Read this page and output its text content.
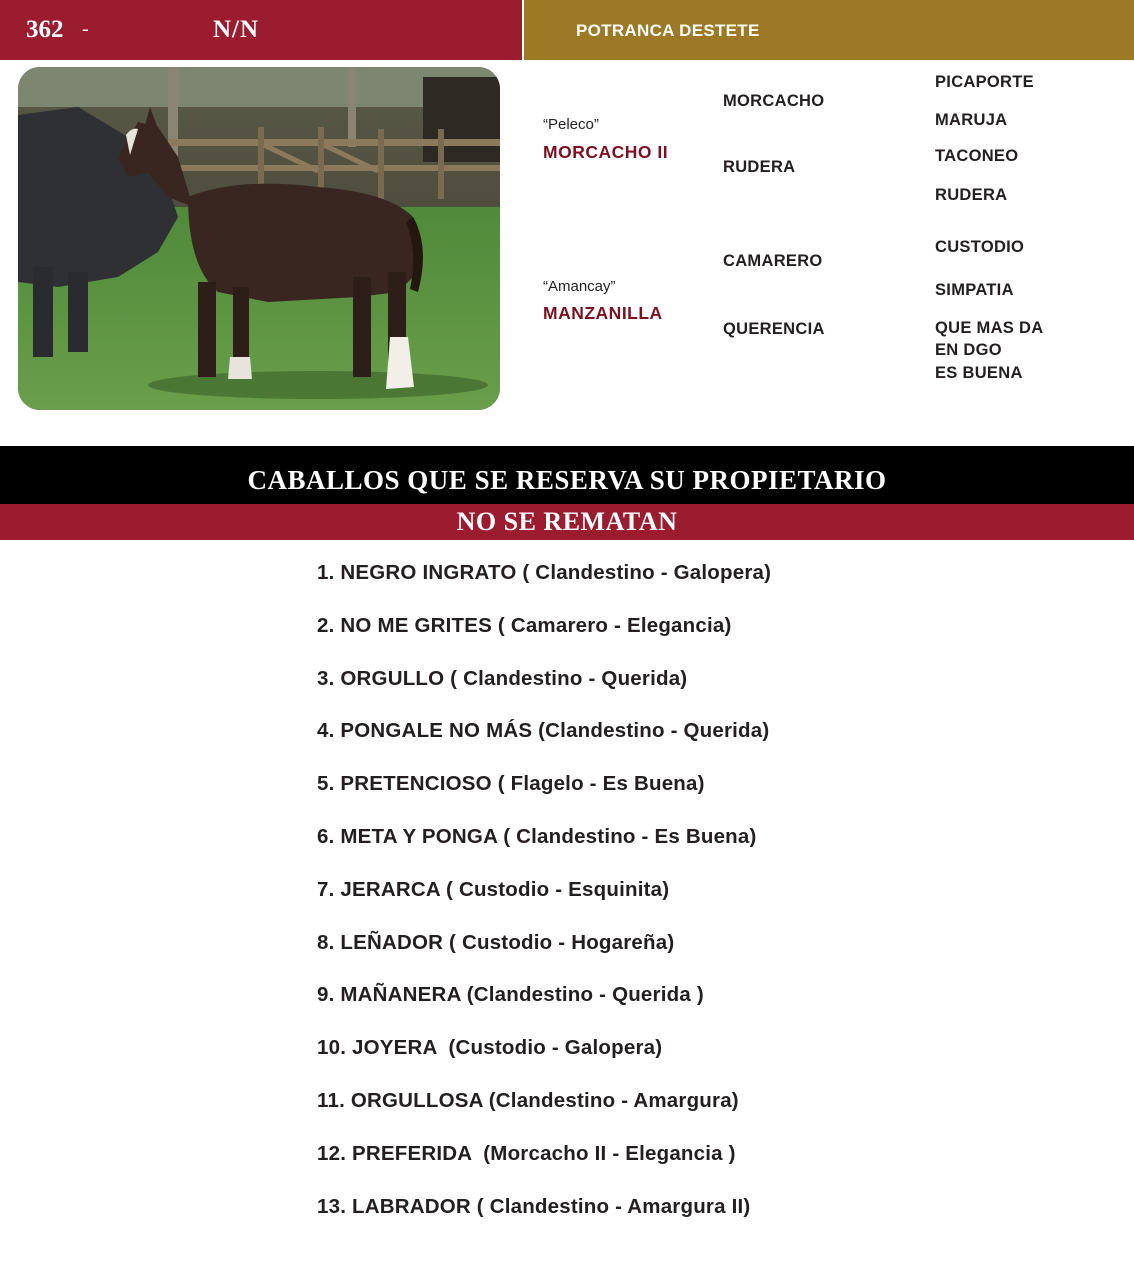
362 -	N/N	POTRANCA DESTETE
“Peleco”
MORCACHO II
“Amancay”
MANZANILLA
MORCACHO
RUDERA
CAMARERO
QUERENCIA
PICAPORTE
MARUJA
TACONEO
RUDERA
CUSTODIO
SIMPATIA
QUE MAS DA
EN DGO
ES BUENA
CABALLOS QUE SE RESERVA SU PROPIETARIO
NO SE REMATAN
1. NEGRO INGRATO ( Clandestino - Galopera)
2. NO ME GRITES ( Camarero - Elegancia)
3. ORGULLO ( Clandestino - Querida)
4. PONGALE NO MÁS (Clandestino - Querida)
5. PRETENCIOSO ( Flagelo - Es Buena)
6. META Y PONGA ( Clandestino - Es Buena)
7. JERARCA ( Custodio - Esquinita)
8. LEÑADOR ( Custodio - Hogareña)
9. MAÑANERA (Clandestino - Querida )
10. JOYERA  (Custodio - Galopera)
11. ORGULLOSA (Clandestino - Amargura)
12. PREFERIDA  (Morcacho II - Elegancia )
13. LABRADOR ( Clandestino - Amargura II)
